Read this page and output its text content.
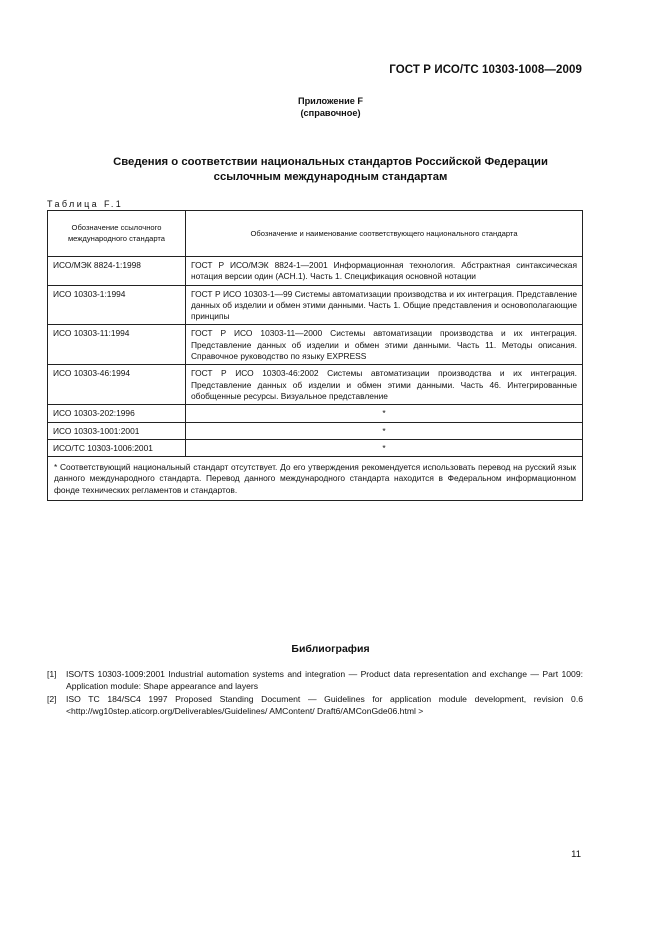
ГОСТ Р ИСО/ТС 10303-1008—2009
Приложение F
(справочное)
Сведения о соответствии национальных стандартов Российской Федерации
ссылочным международным стандартам
Таблица F.1
Обозначение ссылочного международного стандарта	Обозначение и наименование соответствующего национального стандарта
ИСО/МЭК 8824-1:1998	ГОСТ Р ИСО/МЭК 8824-1—2001 Информационная технология. Абстрактная синтаксическая нотация версии один (АСН.1). Часть 1. Спецификация основной нотации
ИСО 10303-1:1994	ГОСТ Р ИСО 10303-1—99 Системы автоматизации производства и их интеграция. Представление данных об изделии и обмен этими данными. Часть 1. Общие представления и основополагающие принципы
ИСО 10303-11:1994	ГОСТ Р ИСО 10303-11—2000 Системы автоматизации производства и их интеграция. Представление данных об изделии и обмен этими данными. Часть 11. Методы описания. Справочное руководство по языку EXPRESS
ИСО 10303-46:1994	ГОСТ Р ИСО 10303-46:2002 Системы автоматизации производства и их интеграция. Представление данных об изделии и обмен этими данными. Часть 46. Интегрированные обобщенные ресурсы. Визуальное представление
ИСО 10303-202:1996	*
ИСО 10303-1001:2001	*
ИСО/ТС 10303-1006:2001	*
* Соответствующий национальный стандарт отсутствует. До его утверждения рекомендуется использовать перевод на русский язык данного международного стандарта. Перевод данного международного стандарта находится в Федеральном информационном фонде технических регламентов и стандартов.	
Библиография
[1] ISO/TS 10303-1009:2001 Industrial automation systems and integration — Product data representation and exchange — Part 1009: Application module: Shape appearance and layers
[2] ISO TC 184/SC4 1997 Proposed Standing Document — Guidelines for application module development, revision 0.6 <http://wg10step.aticorp.org/Deliverables/Guidelines/ AMContent/ Draft6/AMConGde06.html >
11
